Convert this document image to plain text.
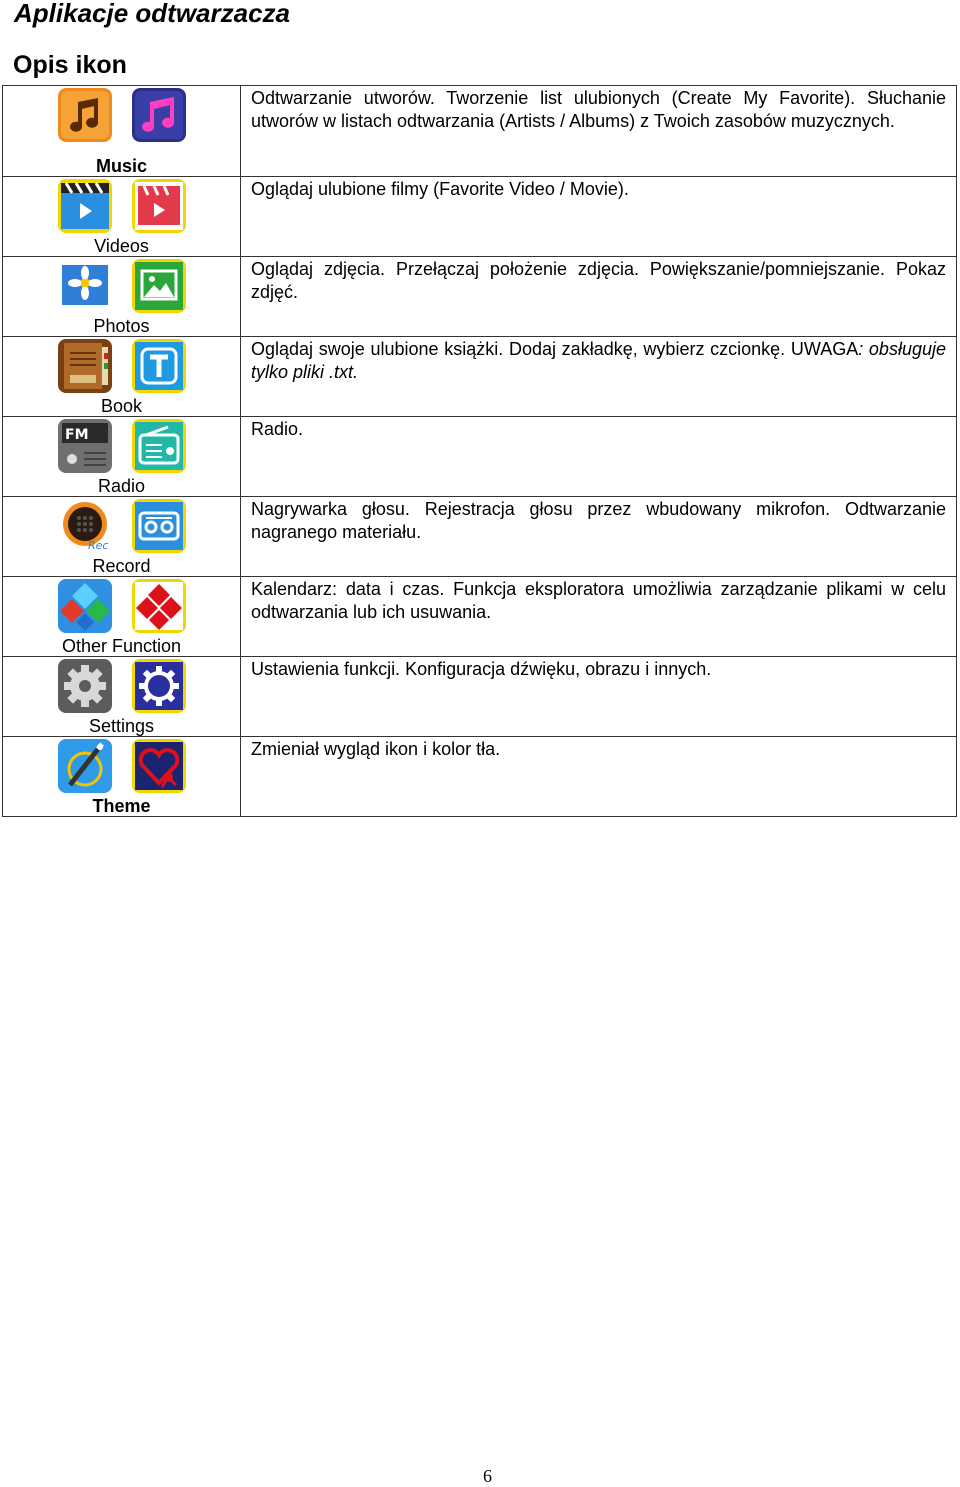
Aplikacje odtwarzacza
Opis ikon
Music	Odtwarzanie utworów. Tworzenie list ulubionych (Create My Favorite). Słuchanie utworów w listach odtwarzania (Artists / Albums) z Twoich zasobów muzycznych.

Videos	Oglądaj ulubione filmy (Favorite Video / Movie).

Photos	Oglądaj zdjęcia. Przełączaj położenie zdjęcia. Powiększanie/pomniejszanie. Pokaz zdjęć.

Book	Oglądaj swoje ulubione książki. Dodaj zakładkę, wybierz czcionkę. UWAGA: obsługuje tylko pliki .txt.

FM
Radio	Radio.

Rec
Record	Nagrywarka głosu. Rejestracja głosu przez wbudowany mikrofon. Odtwarzanie nagranego materiału.

Other Function	Kalendarz: data i czas. Funkcja eksploratora umożliwia zarządzanie plikami w celu odtwarzania lub ich usuwania.

Settings	Ustawienia funkcji. Konfiguracja dźwięku, obrazu i innych.

Theme	Zmieniał wygląd ikon i kolor tła.
6
